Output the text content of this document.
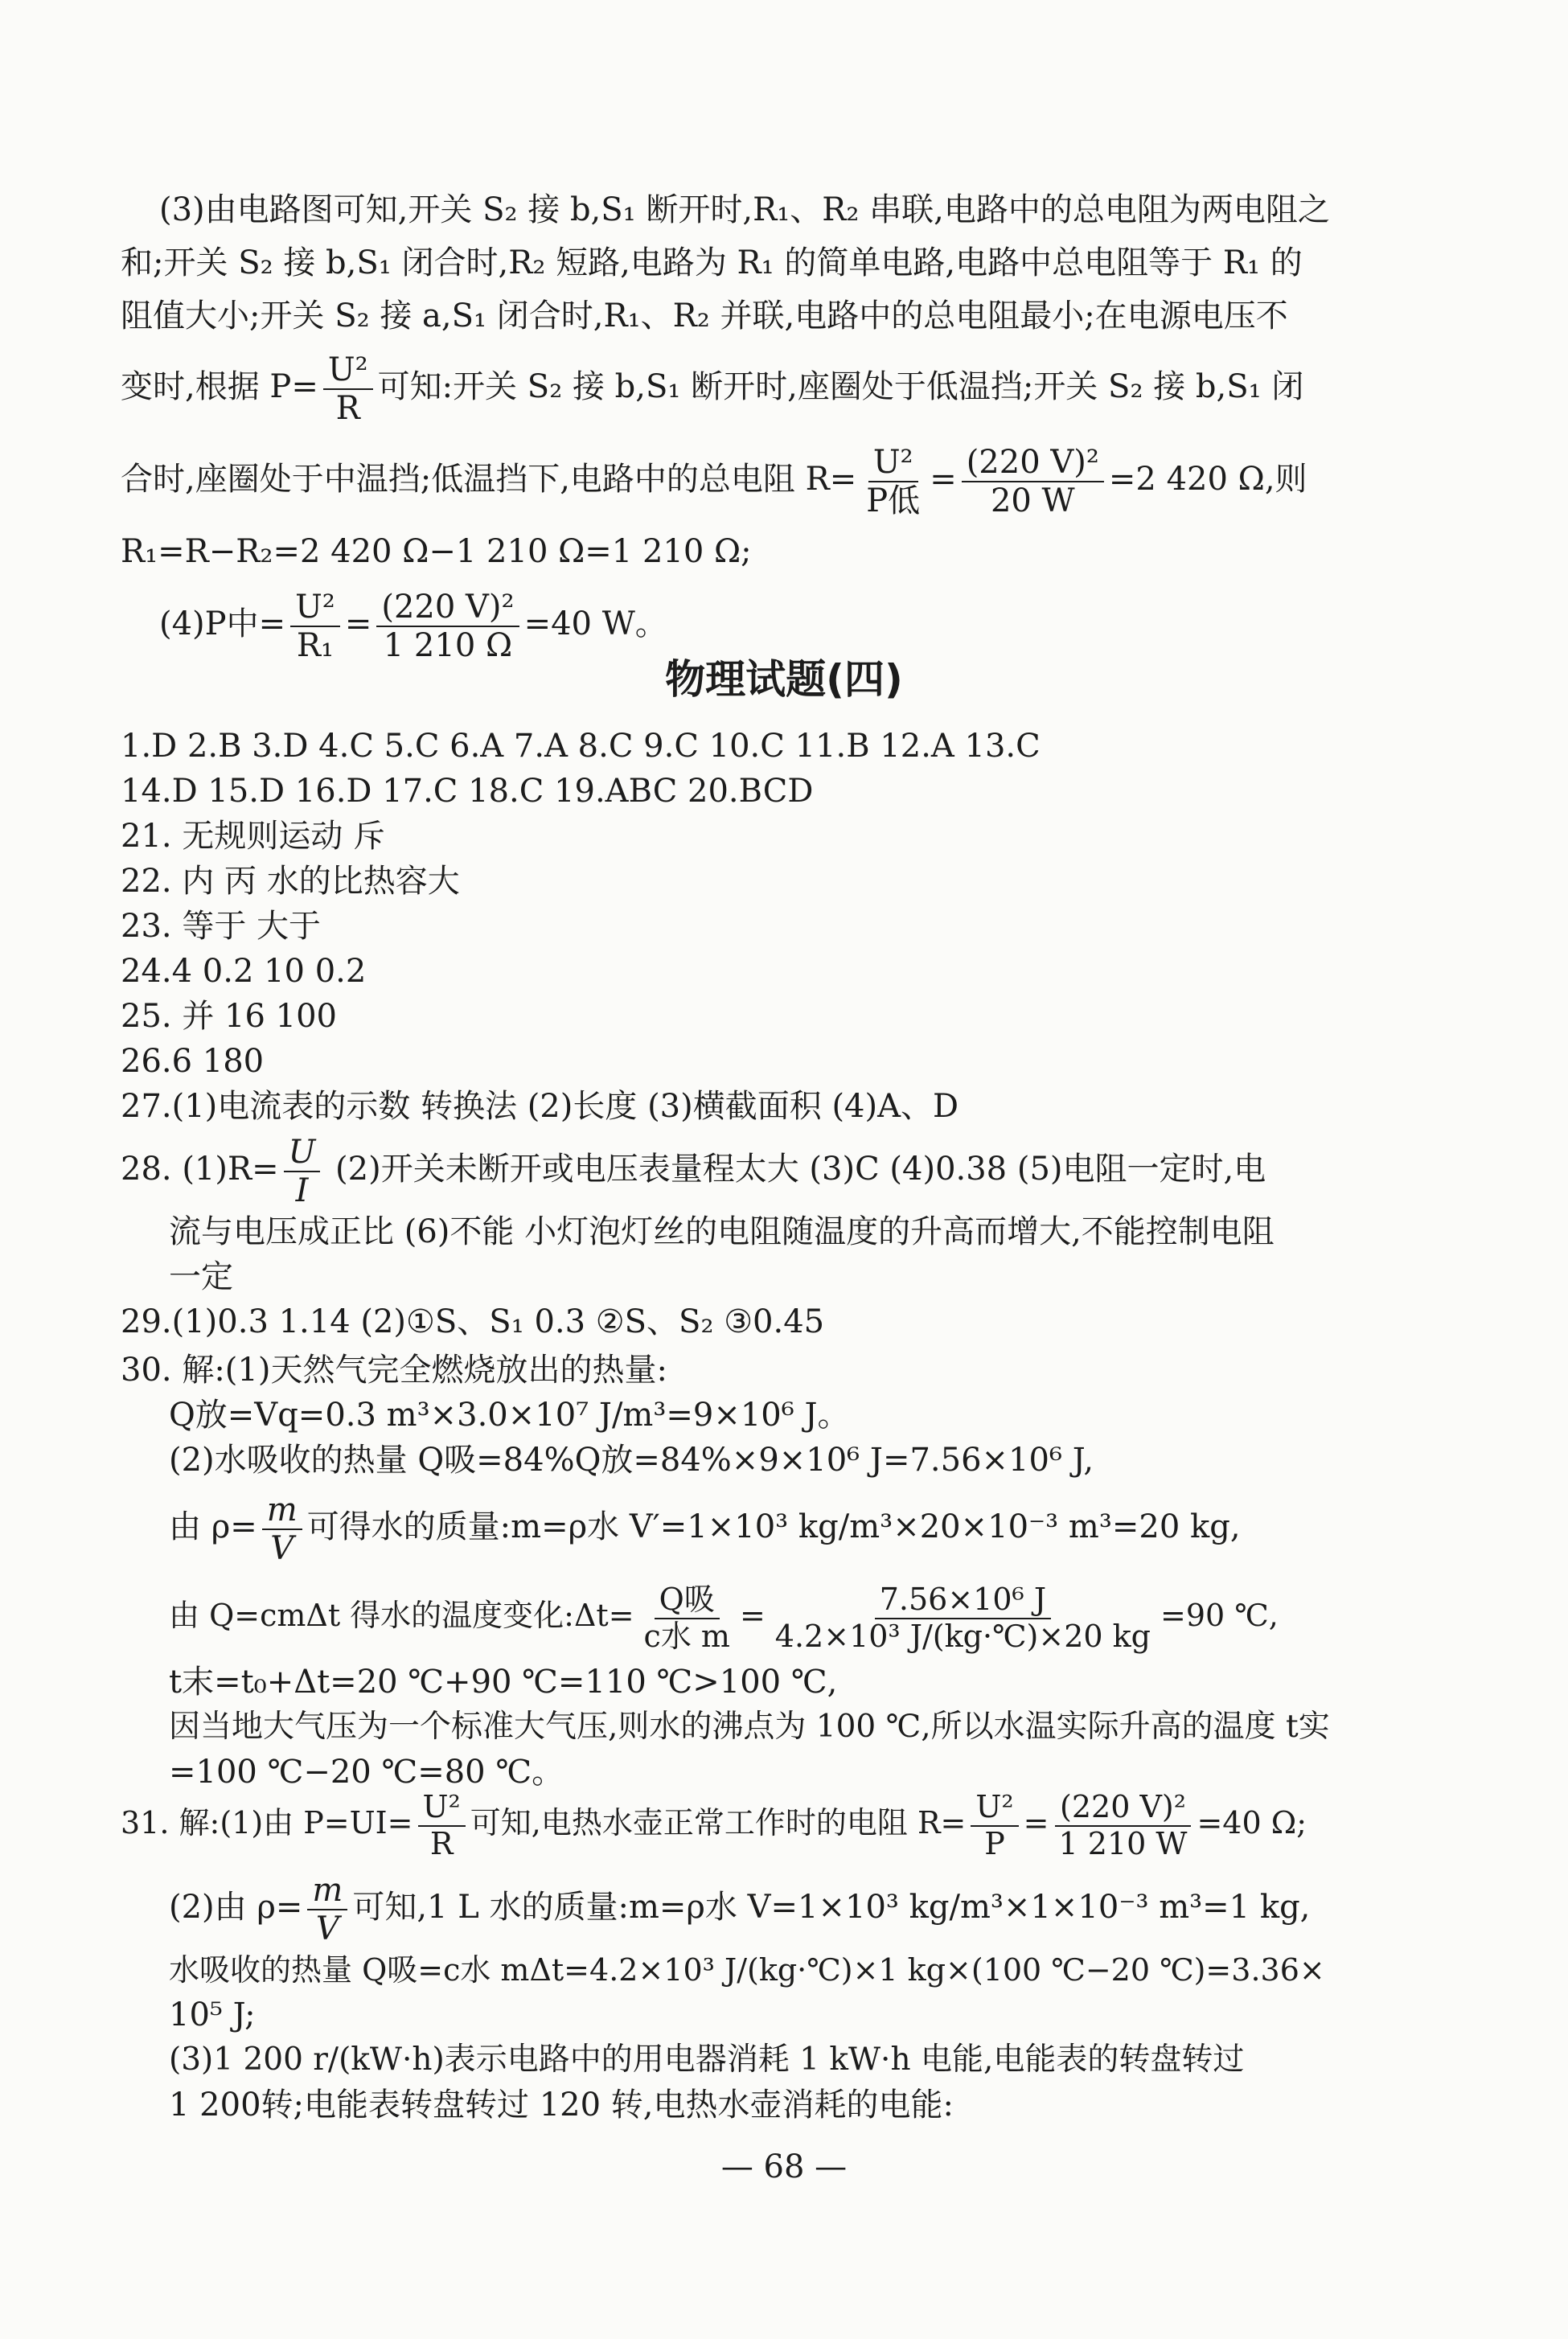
(3)由电路图可知,开关 S₂ 接 b,S₁ 断开时,R₁、R₂ 串联,电路中的总电阻为两电阻之
和;开关 S₂ 接 b,S₁ 闭合时,R₂ 短路,电路为 R₁ 的简单电路,电路中总电阻等于 R₁ 的
阻值大小;开关 S₂ 接 a,S₁ 闭合时,R₁、R₂ 并联,电路中的总电阻最小;在电源电压不
变时,根据 $P= \frac{\text{U²}}{R}$ 可知:开关 S₂ 接 b,S₁ 断开时,座圈处于低温挡;开关 S₂ 接 b,S₁ 闭
合时,座圈处于中温挡;低温挡下,电路中的总电阻 $R= \frac{\text{U²}}{\text{P低}} = \frac{\text{(220 V)²}}{20 W} =2$ 420 Ω,则
R₁=R−R₂=2 420 Ω−1 210 Ω=1 210 Ω;
(4)P中= $\frac{\text{U²}}{\text{R₁}} = \frac{\text{(220 V)²}}{1 210 \Omega} =40$ W。
物理试题(四)
1.D 2.B 3.D 4.C 5.C 6.A 7.A 8.C 9.C 10.C 11.B 12.A 13.C
14.D 15.D 16.D 17.C 18.C 19.ABC 20.BCD
21. 无规则运动 斥
22. 内 丙 水的比热容大
23. 等于 大于
24.4 0.2 10 0.2
25. 并 16 100
26.6 180
27.(1)电流表的示数 转换法 (2)长度 (3)横截面积 (4)A、D
28. $(1)R= \frac{U}{I} (2)$开关未断开或电压表量程太大 (3)C (4)0.38 (5)电阻一定时,电
流与电压成正比 (6)不能 小灯泡灯丝的电阻随温度的升高而增大,不能控制电阻
一定
29.(1)0.3 1.14 (2)①S、S₁ 0.3 ②S、S₂ ③0.45
30. 解:(1)天然气完全燃烧放出的热量:
Q放=Vq=0.3 m³×3.0×10⁷ J/m³=9×10⁶ J。
(2)水吸收的热量 Q吸=84%Q放=84%×9×10⁶ J=7.56×10⁶ J,
由 $\rho= \frac{m}{V}$ 可得水的质量:m=ρ水 V′=1×10³ kg/m³×20×10⁻³ m³=20 kg,
由 Q=cmΔt 得水的温度变化:Δt= $\frac{\text{Q吸}}{\text{c水 m}} = \frac{\text{7.56×10⁶ J}}{\text{4.2×10³ J/(kg·℃)×20 kg}} =90$ ℃,
t末=t₀+Δt=20 ℃+90 ℃=110 ℃>100 ℃,
因当地大气压为一个标准大气压,则水的沸点为 100 ℃,所以水温实际升高的温度 t实
=100 ℃−20 ℃=80 ℃。
31. 解:(1)由 $P=UI= \frac{\text{U²}}{R}$ 可知,电热水壶正常工作时的电阻 $R= \frac{\text{U²}}{P} = \frac{\text{(220 V)²}}{1 210 W} =40$ Ω;
(2)由 $\rho= \frac{m}{V}$ 可知,1 L 水的质量:m=ρ水 V=1×10³ kg/m³×1×10⁻³ m³=1 kg,
水吸收的热量 Q吸=c水 mΔt=4.2×10³ J/(kg·℃)×1 kg×(100 ℃−20 ℃)=3.36×
10⁵ J;
(3)1 200 r/(kW·h)表示电路中的用电器消耗 1 kW·h 电能,电能表的转盘转过
1 200转;电能表转盘转过 120 转,电热水壶消耗的电能:
— 68 —
